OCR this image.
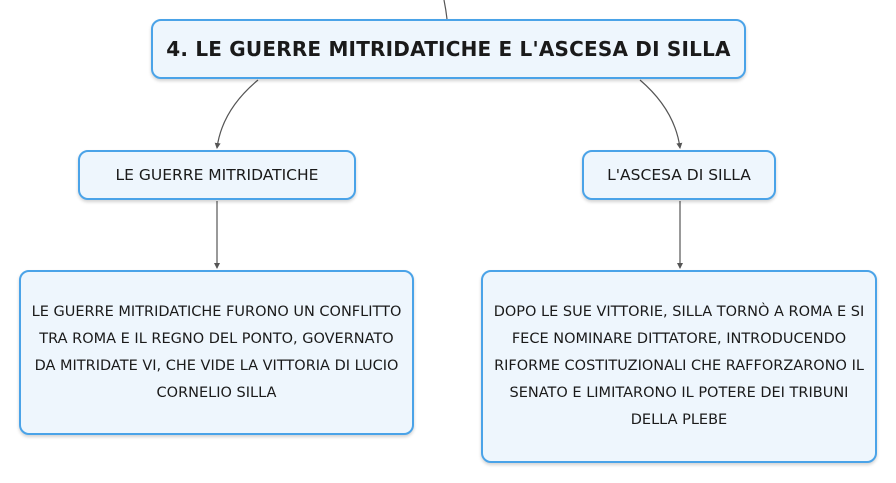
4. LE GUERRE MITRIDATICHE E L'ASCESA DI SILLA
LE GUERRE MITRIDATICHE	L'ASCESA DI SILLA
LE GUERRE MITRIDATICHE FURONO UN CONFLITTO TRA ROMA E IL REGNO DEL PONTO, GOVERNATO DA MITRIDATE VI, CHE VIDE LA VITTORIA DI LUCIO CORNELIO SILLA
DOPO LE SUE VITTORIE, SILLA TORNÒ A ROMA E SI FECE NOMINARE DITTATORE, INTRODUCENDO RIFORME COSTITUZIONALI CHE RAFFORZARONO IL SENATO E LIMITARONO IL POTERE DEI TRIBUNI DELLA PLEBE
